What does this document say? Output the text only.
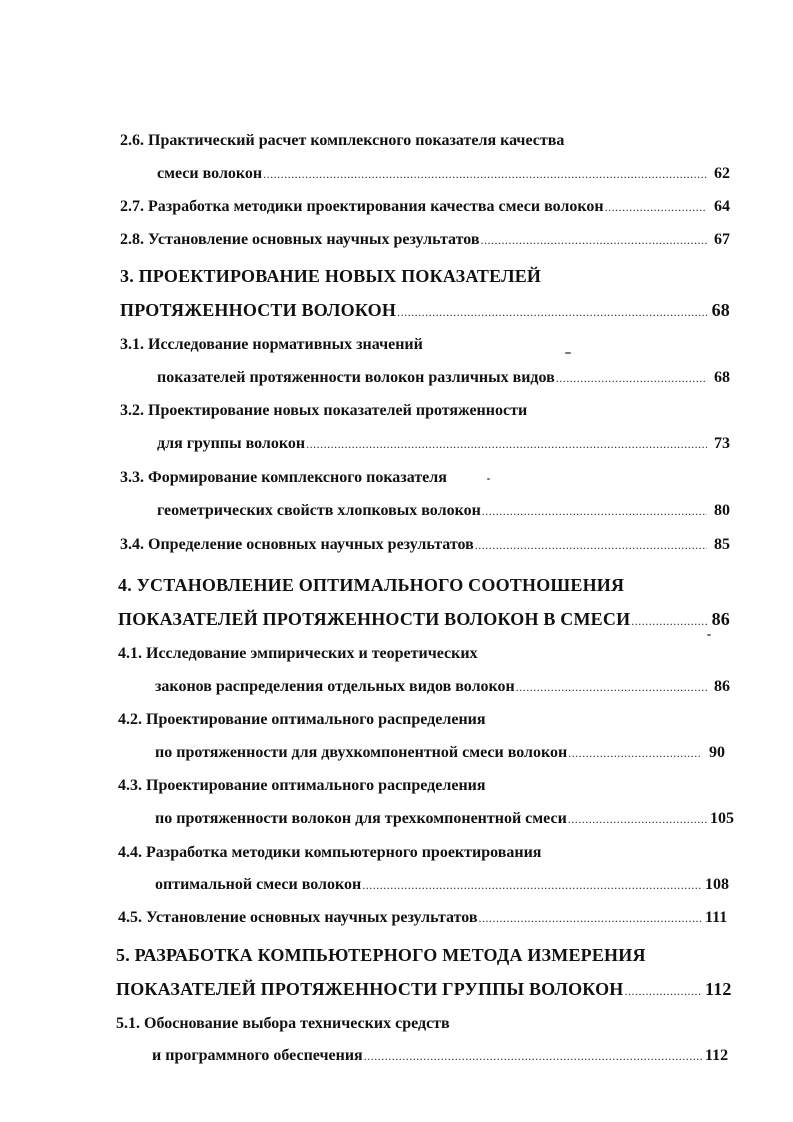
2.6. Практический расчет комплексного показателя качества
смеси волокон .....	62
2.7. Разработка методики проектирования качества смеси волокон .....	64
2.8. Установление основных научных результатов .....	67
3. ПРОЕКТИРОВАНИЕ НОВЫХ ПОКАЗАТЕЛЕЙ
ПРОТЯЖЕННОСТИ ВОЛОКОН .....	68
3.1. Исследование нормативных значений
показателей протяженности волокон различных видов .....	68
3.2. Проектирование новых показателей протяженности
для группы волокон .....	73
3.3. Формирование комплексного показателя
геометрических свойств хлопковых волокон .....	80
3.4. Определение основных научных результатов .....	85
4. УСТАНОВЛЕНИЕ ОПТИМАЛЬНОГО СООТНОШЕНИЯ
ПОКАЗАТЕЛЕЙ ПРОТЯЖЕННОСТИ ВОЛОКОН В СМЕСИ .....	86
4.1. Исследование эмпирических и теоретических
законов распределения отдельных видов волокон .....	86
4.2. Проектирование оптимального распределения
по протяженности для двухкомпонентной смеси волокон .....	90
4.3. Проектирование оптимального распределения
по протяженности волокон для трехкомпонентной смеси .....	105
4.4. Разработка методики компьютерного проектирования
оптимальной смеси волокон .....	108
4.5. Установление основных научных результатов .....	111
5. РАЗРАБОТКА КОМПЬЮТЕРНОГО МЕТОДА ИЗМЕРЕНИЯ
ПОКАЗАТЕЛЕЙ ПРОТЯЖЕННОСТИ ГРУППЫ ВОЛОКОН .....	112
5.1. Обоснование выбора технических средств
и программного обеспечения .....	112
